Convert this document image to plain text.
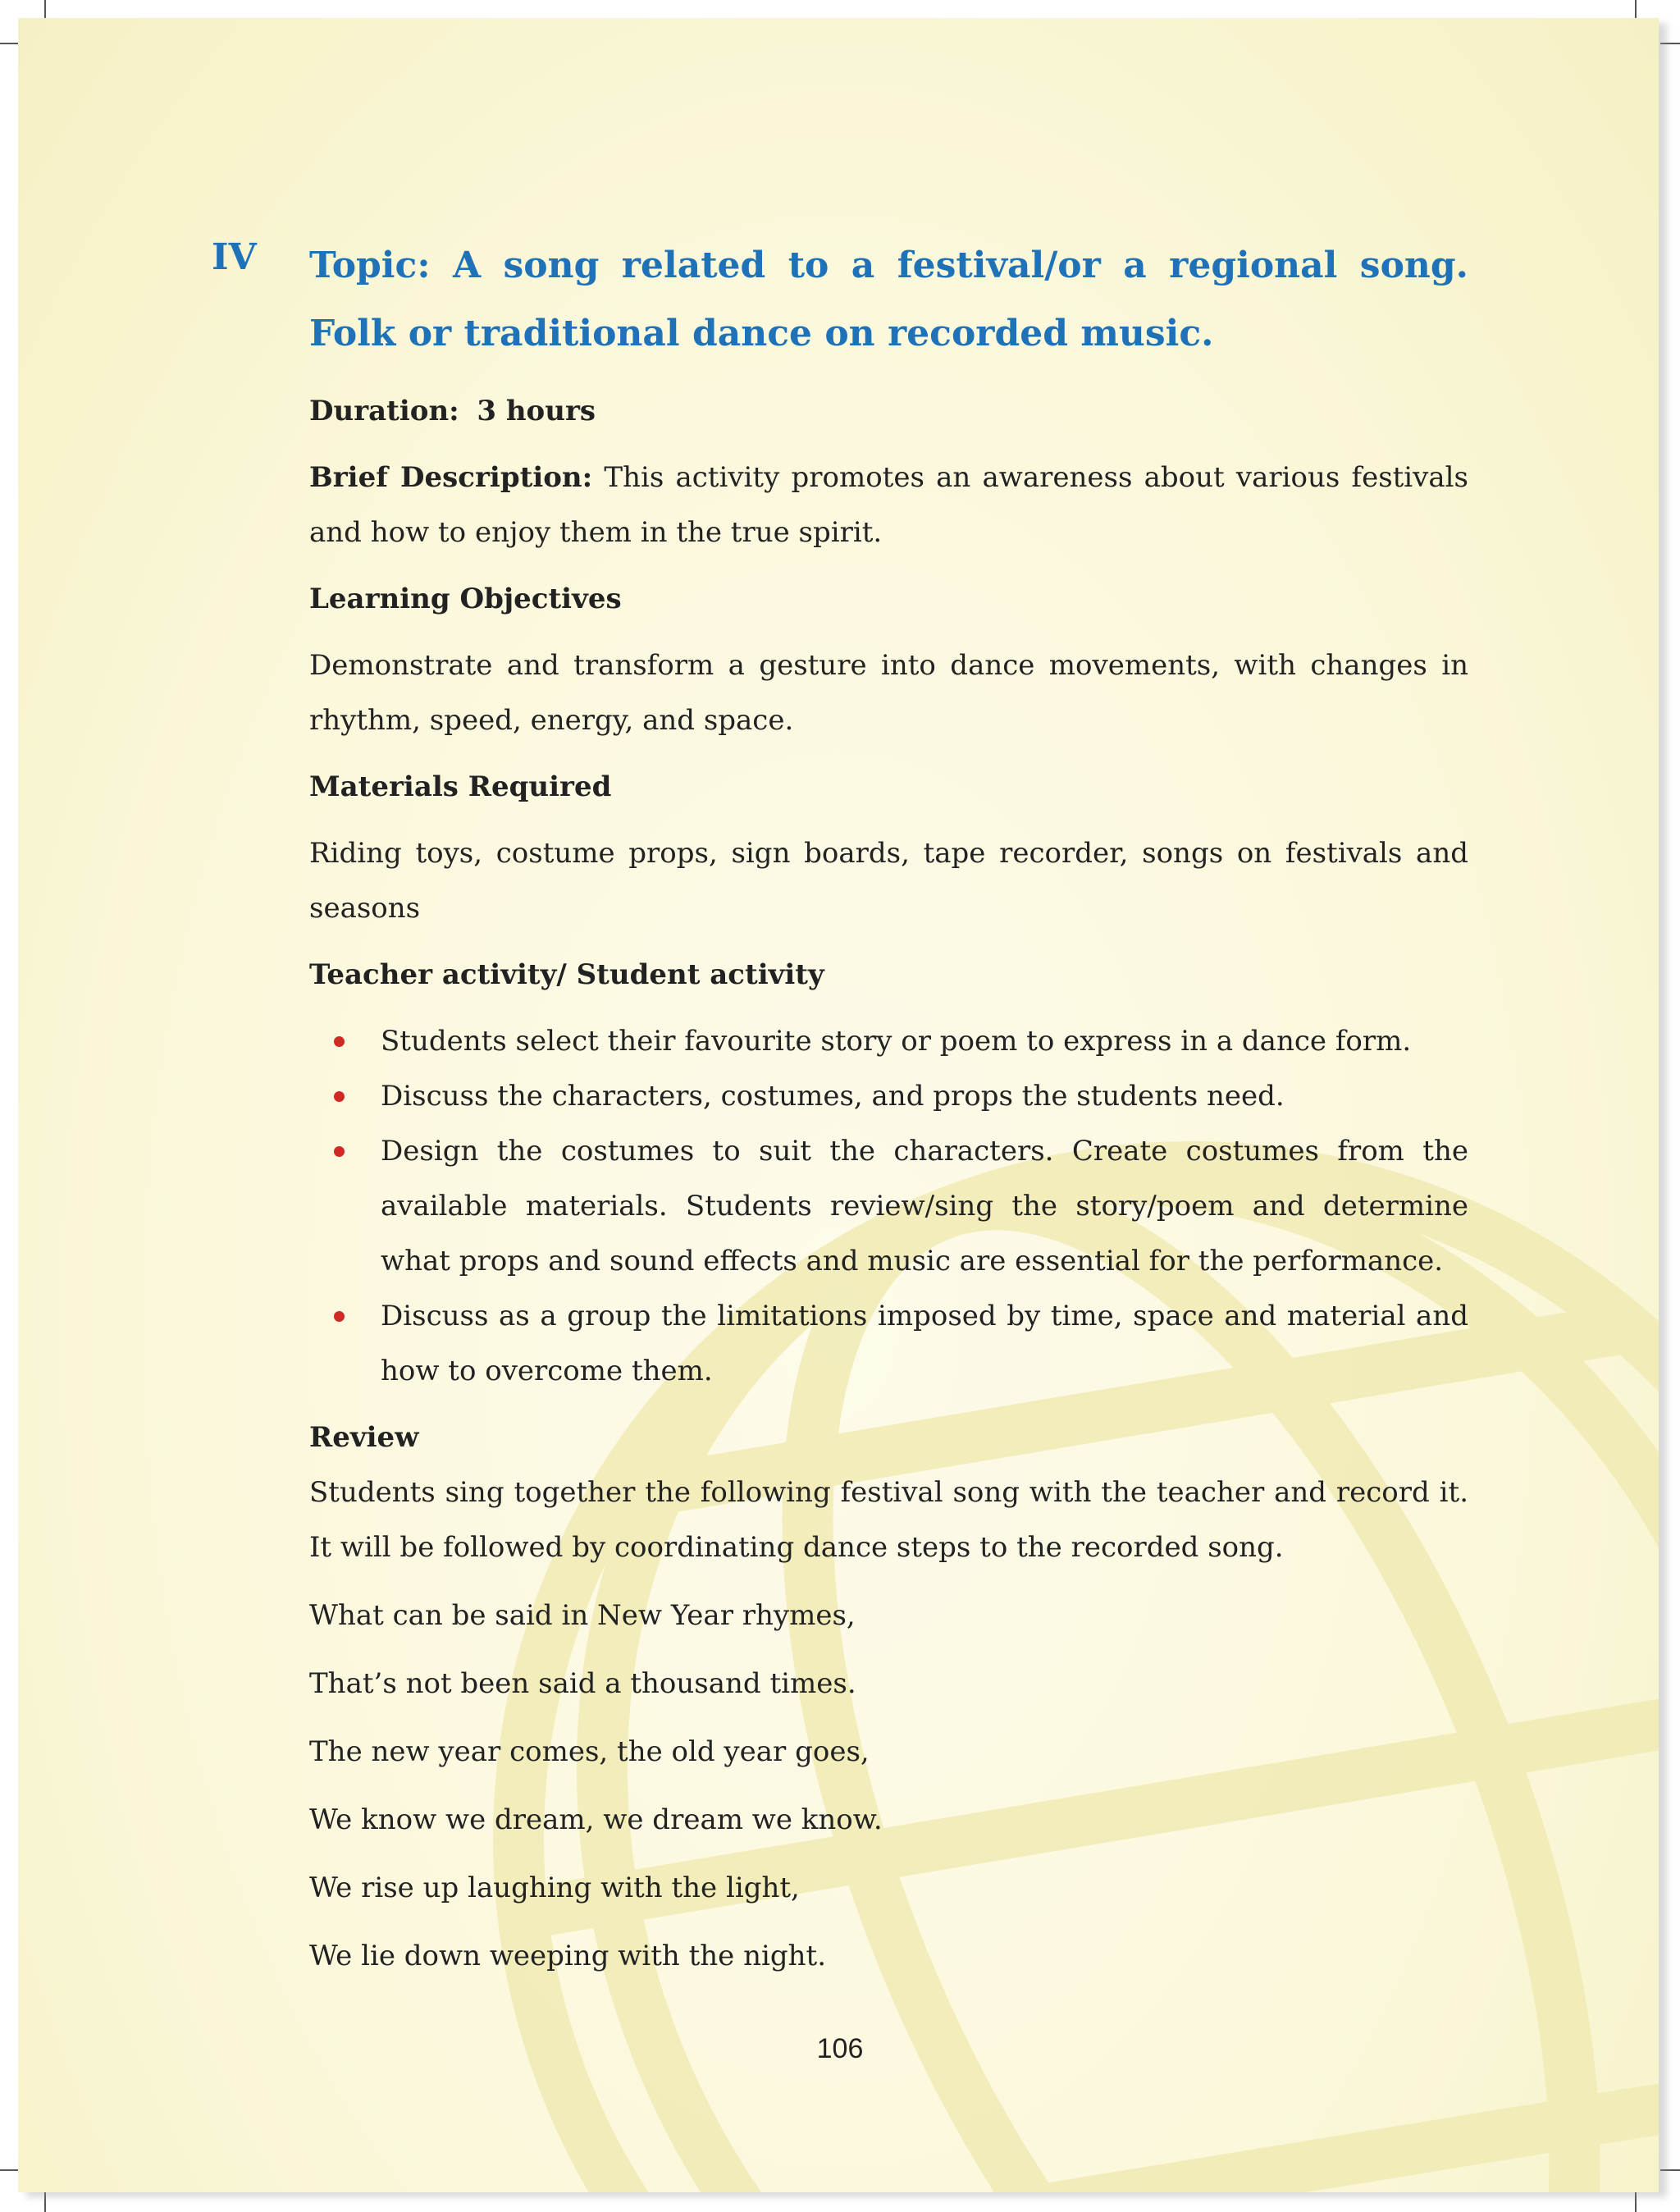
IV Topic: A song related to a festival/or a regional song. Folk or traditional dance on recorded music.

Duration: 3 hours

Brief Description: This activity promotes an awareness about various festivals and how to enjoy them in the true spirit.

Learning Objectives

Demonstrate and transform a gesture into dance movements, with changes in rhythm, speed, energy, and space.

Materials Required

Riding toys, costume props, sign boards, tape recorder, songs on festivals and seasons

Teacher activity/ Student activity

Students select their favourite story or poem to express in a dance form.
Discuss the characters, costumes, and props the students need.
Design the costumes to suit the characters. Create costumes from the available materials. Students review/sing the story/poem and determine what props and sound effects and music are essential for the performance.
Discuss as a group the limitations imposed by time, space and material and how to overcome them.

Review

Students sing together the following festival song with the teacher and record it. It will be followed by coordinating dance steps to the recorded song.

What can be said in New Year rhymes,

That’s not been said a thousand times.

The new year comes, the old year goes,

We know we dream, we dream we know.

We rise up laughing with the light,

We lie down weeping with the night.

106
